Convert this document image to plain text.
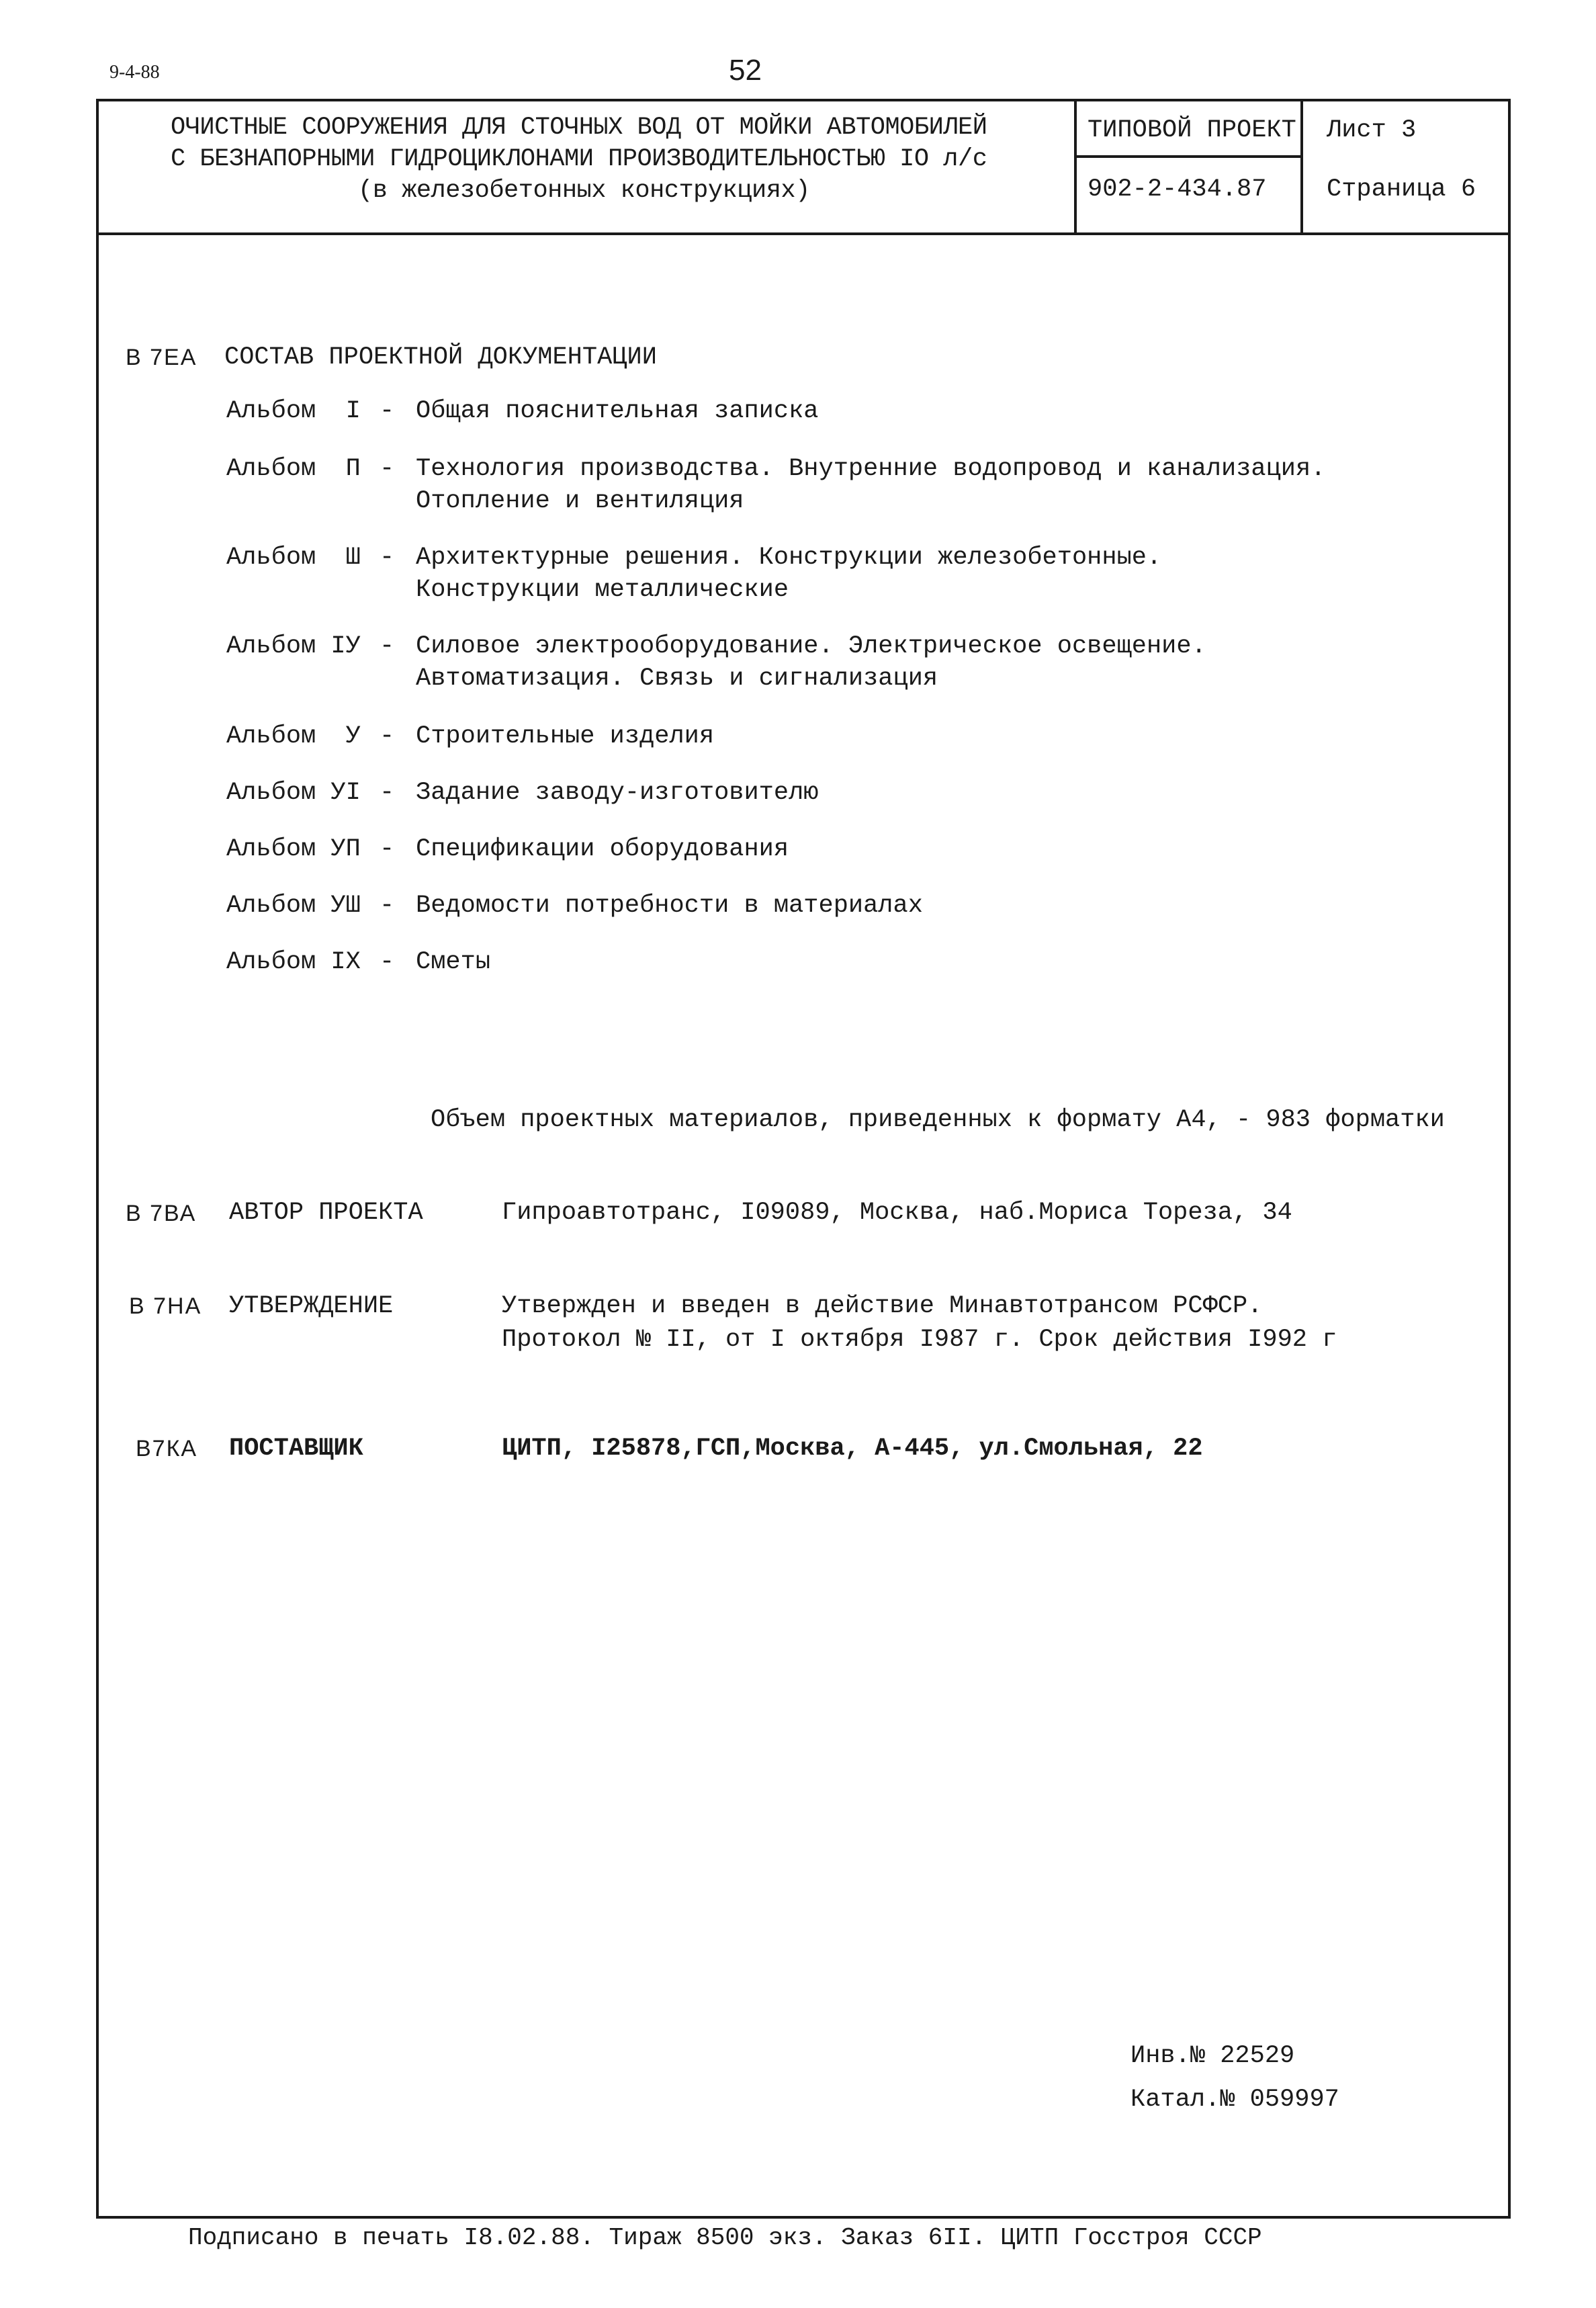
9-4-88	52
ОЧИСТНЫЕ СООРУЖЕНИЯ ДЛЯ СТОЧНЫХ ВОД ОТ МОЙКИ АВТОМОБИЛЕЙ
С БЕЗНАПОРНЫМИ ГИДРОЦИКЛОНАМИ ПРОИЗВОДИТЕЛЬНОСТЬЮ IO л/с
(в железобетонных конструкциях)
ТИПОВОЙ ПРОЕКТ
902-2-434.87
Лист 3
Страница 6
В 7ЕА СОСТАВ ПРОЕКТНОЙ ДОКУМЕНТАЦИИ
Альбом  I - Общая пояснительная записка
Альбом  П - Технология производства. Внутренние водопровод и канализация.
Отопление и вентиляция
Альбом  Ш - Архитектурные решения. Конструкции железобетонные.
Конструкции металлические
Альбом IУ - Силовое электрооборудование. Электрическое освещение.
Автоматизация. Связь и сигнализация
Альбом  У - Строительные изделия
Альбом УI - Задание заводу-изготовителю
Альбом УП - Спецификации оборудования
Альбом УШ - Ведомости потребности в материалах
Альбом IX - Сметы
Объем проектных материалов, приведенных к формату А4, - 983 форматки
В 7ВА АВТОР ПРОЕКТА	Гипроавтотранс, I09089, Москва, наб.Мориса Тореза, 34
В 7НА УТВЕРЖДЕНИЕ	Утвержден и введен в действие Минавтотрансом РСФСР.
Протокол № II, от I октября I987 г. Срок действия I992 г
В7КА ПОСТАВЩИК	ЦИТП, I25878,ГСП,Москва, А-445, ул.Смольная, 22
Инв.№ 22529
Катал.№ 059997
Подписано в печать I8.02.88. Тираж 8500 экз. Заказ 6II. ЦИТП Госстроя СССР
